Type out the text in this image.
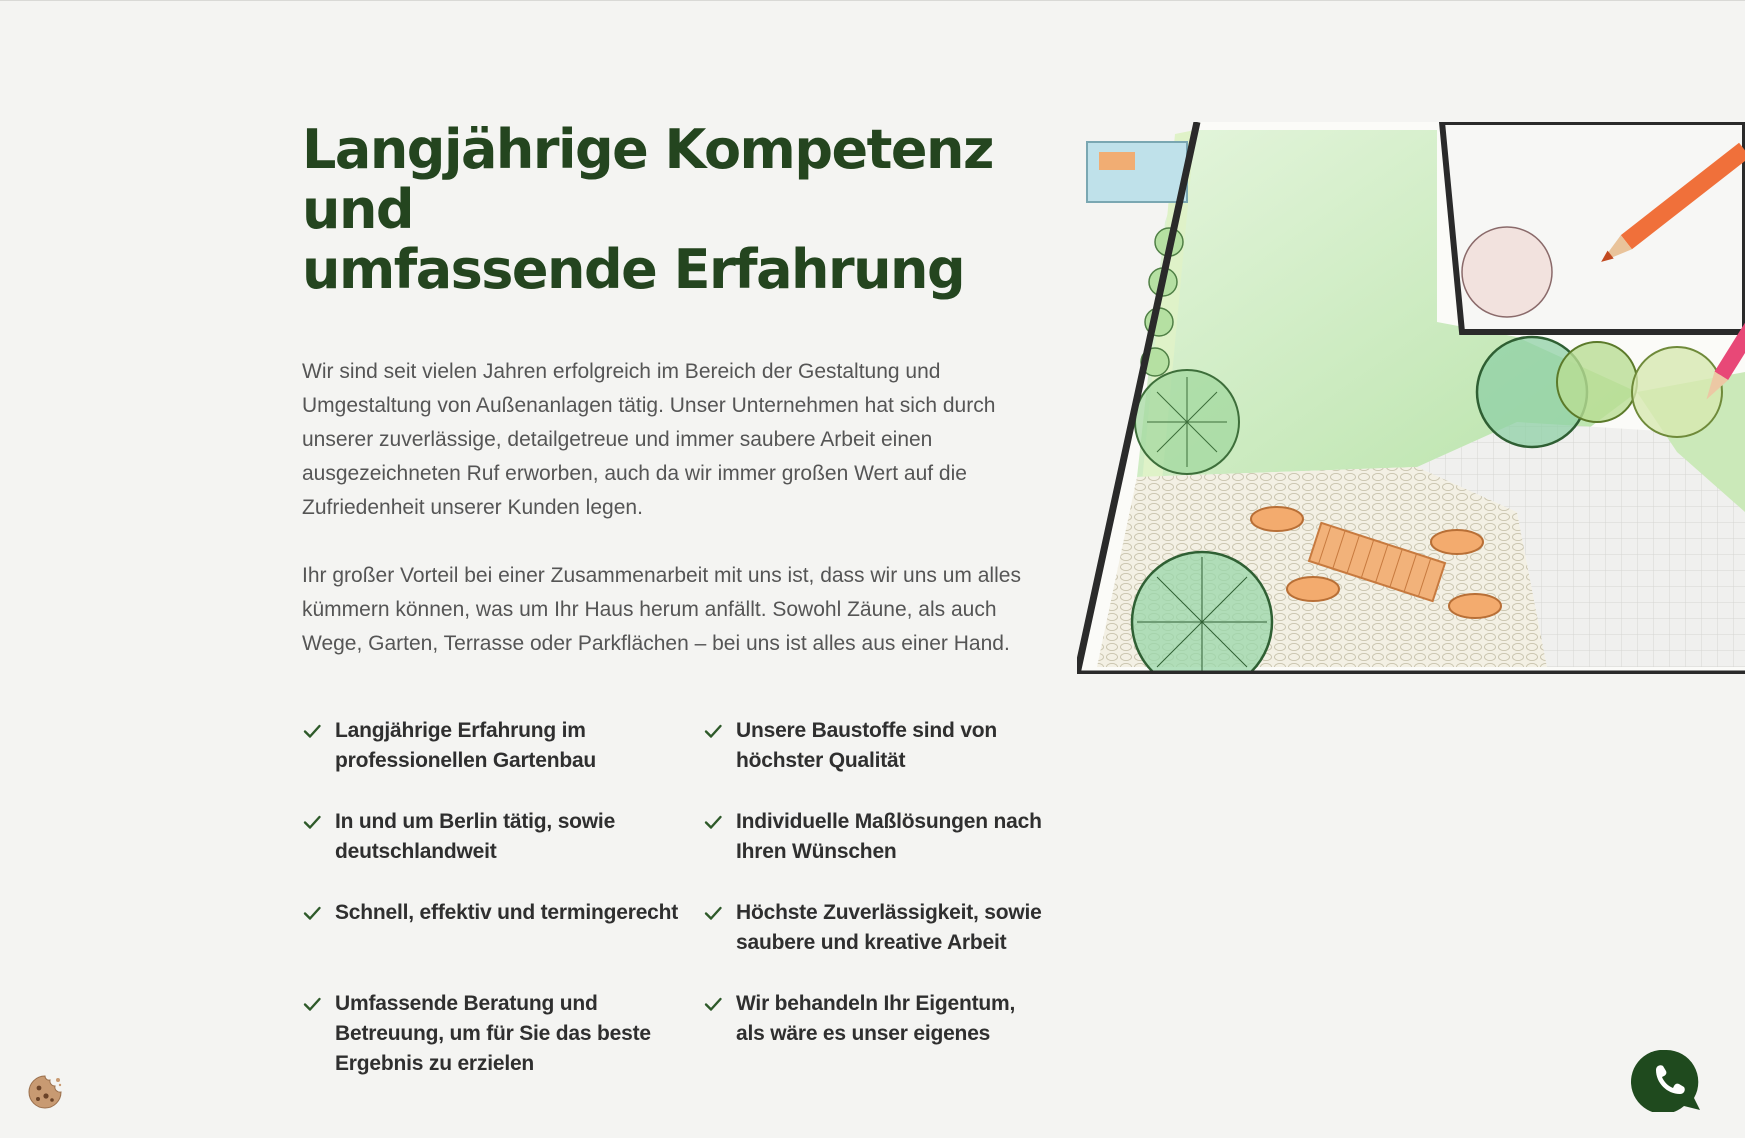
Langjährige Kompetenz und
umfassende Erfahrung

Wir sind seit vielen Jahren erfolgreich im Bereich der Gestaltung und Umgestaltung von Außenanlagen tätig. Unser Unternehmen hat sich durch unserer zuverlässige, detailgetreue und immer saubere Arbeit einen ausgezeichneten Ruf erworben, auch da wir immer großen Wert auf die Zufriedenheit unserer Kunden legen.

Ihr großer Vorteil bei einer Zusammenarbeit mit uns ist, dass wir uns um alles kümmern können, was um Ihr Haus herum anfällt. Sowohl Zäune, als auch Wege, Garten, Terrasse oder Parkflächen – bei uns ist alles aus einer Hand.

Langjährige Erfahrung im professionellen Gartenbau
Unsere Baustoffe sind von höchster Qualität
In und um Berlin tätig, sowie deutschlandweit
Individuelle Maßlösungen nach Ihren Wünschen
Schnell, effektiv und termingerecht	Höchste Zuverlässigkeit, sowie saubere und kreative Arbeit
Umfassende Beratung und Betreuung, um für Sie das beste Ergebnis zu erzielen
Wir behandeln Ihr Eigentum, als wäre es unser eigenes
